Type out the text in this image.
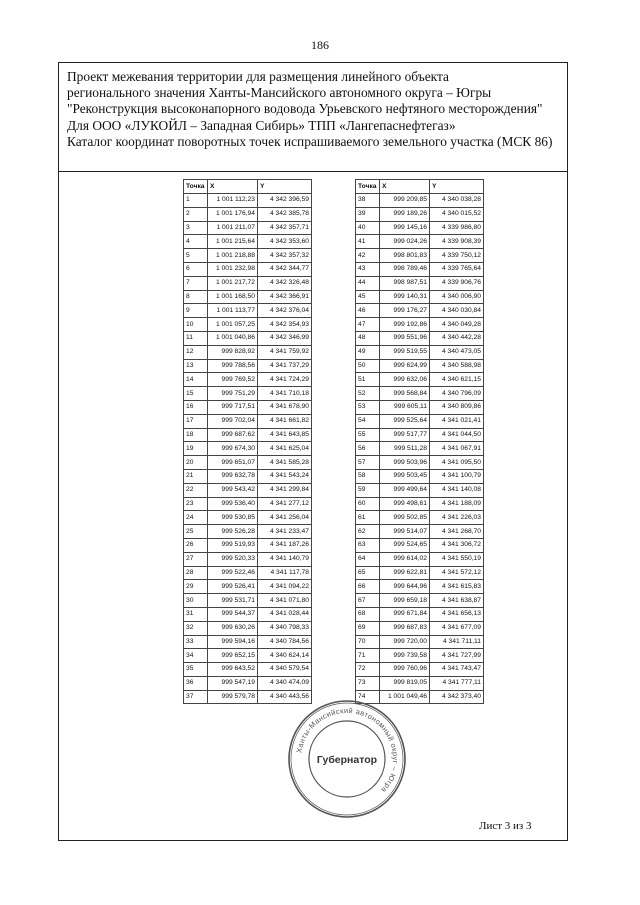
186
Проект межевания территории для размещения линейного объекта
регионального значения Ханты-Мансийского автономного округа – Югры
"Реконструкция высоконапорного водовода Урьевского нефтяного месторождения"
Для ООО «ЛУКОЙЛ – Западная Сибирь» ТПП «Лангепаснефтегаз»
Каталог координат поворотных точек испрашиваемого земельного участка (МСК 86)
Точка	X	Y
1	1 001 112,23	4 342 396,59
2	1 001 176,94	4 342 385,78
3	1 001 211,07	4 342 357,71
4	1 001 215,64	4 342 353,60
5	1 001 218,88	4 342 357,32
6	1 001 232,98	4 342 344,77
7	1 001 217,72	4 342 326,48
8	1 001 168,50	4 342 366,91
9	1 001 113,77	4 342 376,04
10	1 001 057,25	4 342 354,93
11	1 001 040,86	4 342 346,99
12	999 828,92	4 341 759,92
13	999 788,56	4 341 737,29
14	999 769,52	4 341 724,29
15	999 751,29	4 341 710,18
16	999 717,51	4 341 678,90
17	999 702,04	4 341 661,82
18	999 687,62	4 341 643,85
19	999 674,30	4 341 625,04
20	999 651,07	4 341 585,28
21	999 632,78	4 341 543,24
22	999 543,42	4 341 299,84
23	999 536,40	4 341 277,12
24	999 530,85	4 341 256,04
25	999 526,28	4 341 233,47
26	999 519,93	4 341 187,26
27	999 520,33	4 341 140,79
28	999 522,46	4 341 117,78
29	999 526,41	4 341 094,22
30	999 531,71	4 341 071,80
31	999 544,37	4 341 028,44
32	999 630,26	4 340 798,33
33	999 594,16	4 340 784,56
34	999 652,15	4 340 624,14
35	999 643,52	4 340 579,54
36	999 547,19	4 340 474,09
37	999 579,78	4 340 443,56
Точка	X	Y
38	999 209,85	4 340 038,28
39	999 189,26	4 340 015,52
40	999 145,16	4 339 986,80
41	999 024,26	4 339 908,39
42	998 801,83	4 339 750,12
43	998 789,46	4 339 765,64
44	998 987,51	4 339 906,76
45	999 140,31	4 340 006,90
46	999 176,27	4 340 030,84
47	999 192,86	4 340 049,28
48	999 551,96	4 340 442,28
49	999 519,55	4 340 473,05
50	999 624,99	4 340 588,98
51	999 632,06	4 340 621,15
52	999 568,84	4 340 796,09
53	999 605,11	4 340 809,86
54	999 525,64	4 341 021,41
55	999 517,77	4 341 044,50
56	999 511,28	4 341 067,91
57	999 503,96	4 341 095,50
58	999 503,45	4 341 100,79
59	999 499,64	4 341 140,08
60	999 498,61	4 341 188,09
61	999 502,85	4 341 226,03
62	999 514,07	4 341 268,70
63	999 524,65	4 341 306,72
64	999 614,02	4 341 550,19
65	999 622,81	4 341 572,12
66	999 644,96	4 341 615,83
67	999 659,18	4 341 638,87
68	999 671,84	4 341 656,13
69	999 687,83	4 341 677,09
70	999 720,00	4 341 711,11
71	999 739,58	4 341 727,99
72	999 760,96	4 341 743,47
73	999 819,05	4 341 777,11
74	1 001 049,46	4 342 373,40
Ханты-Мансийский автономный округ – Югра
Губернатор
Лист 3 из 3
